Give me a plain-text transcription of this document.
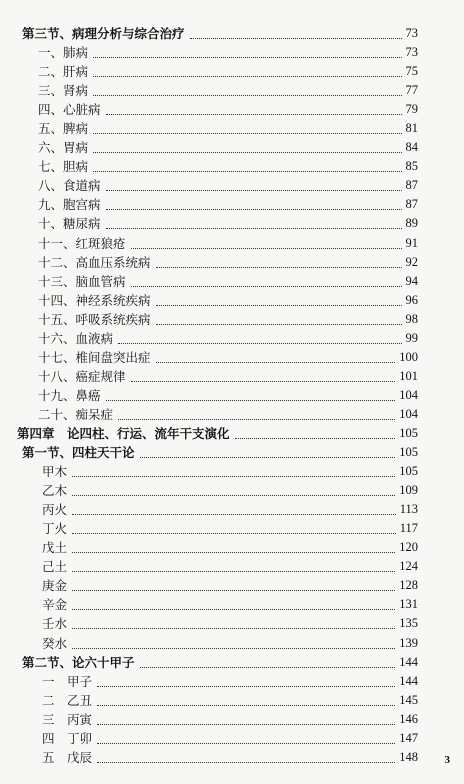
第三节、病理分析与综合治疗	73
一、肺病	73
二、肝病	75
三、肾病	77
四、心脏病	79
五、脾病	81
六、胃病	84
七、胆病	85
八、食道病	87
九、胞宫病	87
十、糖尿病	89
十一、红斑狼疮	91
十二、高血压系统病	92
十三、脑血管病	94
十四、神经系统疾病	96
十五、呼吸系统疾病	98
十六、血液病	99
十七、椎间盘突出症	100
十八、癌症规律	101
十九、鼻癌	104
二十、痴呆症	104
第四章　论四柱、行运、流年干支演化	105
第一节、四柱天干论	105
甲木	105
乙木	109
丙火	113
丁火	117
戊土	120
己土	124
庚金	128
辛金	131
壬水	135
癸水	139
第二节、论六十甲子	144
一　甲子	144
二　乙丑	145
三　丙寅	146
四　丁卯	147
五　戊辰	148 3
